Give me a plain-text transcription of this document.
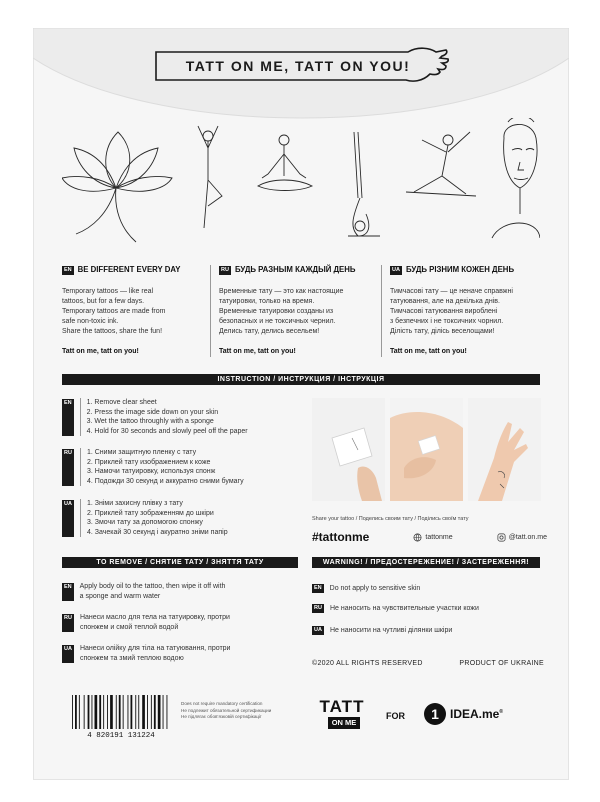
TATT ON ME, TATT ON YOU!
EN BE DIFFERENT EVERY DAY
Temporary tattoos — like real
tattoos, but for a few days.
Temporary tattoos are made from
safe non-toxic ink.
Share the tattoos, share the fun!
Tatt on me, tatt on you!
RU БУДЬ РАЗНЫМ КАЖДЫЙ ДЕНЬ
Временные тату — это как настоящие
татуировки, только на время.
Временные татуировки созданы из
безопасных и не токсичных чернил.
Делись тату, делись весельем!
Tatt on me, tatt on you!
UA БУДЬ РІЗНИМ КОЖЕН ДЕНЬ
Тимчасові тату — це неначе справжні
татуювання, але на декілька днів.
Тимчасові татуювання вироблені
з безпечних і не токсичних чорнил.
Ділість тату, ділісь веселощами!
Tatt on me, tatt on you!
INSTRUCTION / ИНСТРУКЦИЯ / ІНСТРУКЦІЯ
EN	1. Remove clear sheet
2. Press the image side down on your skin
3. Wet the tattoo throughly with a sponge
4. Hold for 30 seconds and slowly peel off the paper
RU	1. Сними защитную пленку с тату
2. Приклей тату изображением к коже
3. Намочи татуировку, используя спонж
4. Подожди 30 секунд и аккуратно сними бумагу
UA	1. Зніми захисну плівку з тату
2. Приклей тату зображенням до шкіри
3. Змочи тату за допомогою спонжу
4. Зачекай 30 секунд і акуратно зніми папір
Share your tattoo / Поделись своим тату / Поділись своїм тату
#tattonme	tattonme	@tatt.on.me
TO REMOVE / СНЯТИЕ ТАТУ / ЗНЯТТЯ ТАТУ
EN Apply body oil to the tattoo, then wipe it off with
a sponge and warm water
RU Нанеси масло для тела на татуировку, протри
спонжем и смой теплой водой
UA Нанеси олійку для тіла на татуювання, протри
спонжем та змий теплою водою
WARNING! / ПРЕДОСТЕРЕЖЕНИЕ! / ЗАСТЕРЕЖЕННЯ!
EN Do not apply to sensitive skin
RU Не наносить на чувствительные участки кожи
UA Не наносити на чутливі ділянки шкіри
©2020 ALL RIGHTS RESERVED	PRODUCT OF UKRAINE
4 820191 131224
Does not require mandatory certification
Не подлежит обязательной сертификации
Не підлягає обов’язковій сертифікації
TATT
ON ME
FOR	1 IDEA.me®
